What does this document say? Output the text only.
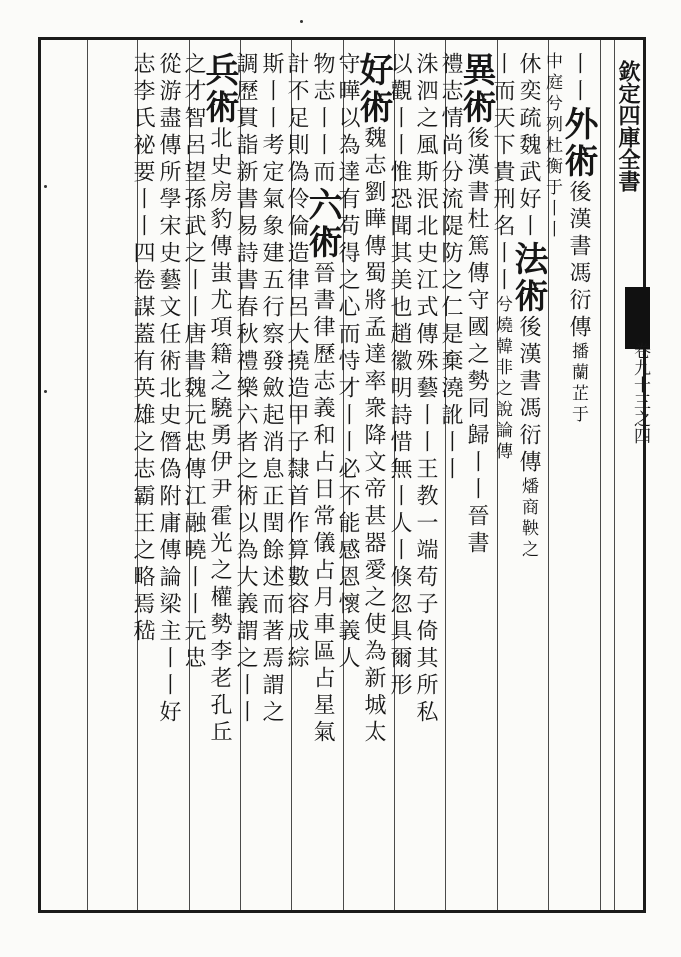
欽定四庫全書
卷九十三之四
丨丨外術後漢書馮衍傳播蘭芷于
中庭兮列杜衡于丨丨
休奕疏魏武好丨法術後漢書馮衍傳燔商鞅之
丨而天下貴刑名丨丨兮燒韓非之說論傳
異術後漢書杜篤傳守國之勢同歸丨丨晉書
禮志情尚分流隄防之仁是棄澆訛丨丨
洙泗之風斯泯北史江式傳殊藝丨丨王教一端苟子倚其所私
以觀丨丨惟恐聞其美也趙徽明詩惜無丨人丨倏忽具爾形
好術魏志劉曄傳蜀將孟達率衆降文帝甚器愛之使為新城太
守曄以為達有苟得之心而恃才丨丨必不能感恩懷義人
物志丨丨而六術晉書律歷志義和占日常儀占月車區占星氣
計不足則偽伶倫造律呂大撓造甲子隸首作算數容成綜
斯丨丨考定氣象建五行察發斂起消息正閏餘述而著焉謂之
調歷貫詣新書易詩書春秋禮樂六者之術以為大義謂之丨丨
兵術北史房豹傳蚩尤項籍之驍勇伊尹霍光之權勢李老孔丘
之才智呂望孫武之丨丨唐書魏元忠傳江融曉丨丨元忠
從游盡傳所學宋史藝文任術北史僭偽附庸傳論梁主丨丨好
志李氏祕要丨丨四卷謀蓋有英雄之志霸王之略焉嵇
